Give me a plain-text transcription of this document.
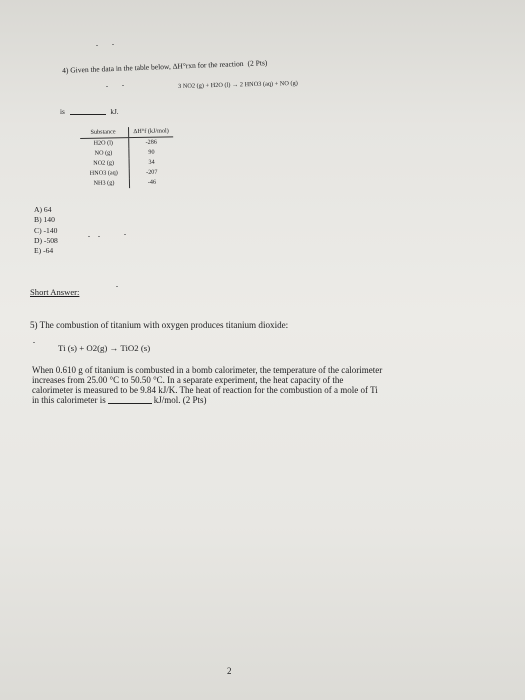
4) Given the data in the table below, ΔH°rxn for the reaction (2 Pts)
3 NO2 (g) + H2O (l) → 2 HNO3 (aq) + NO (g)
is	kJ.
Substance	ΔH°f (kJ/mol)
H2O (l)	-286
NO (g)	90
NO2 (g)	34
HNO3 (aq)	-207
NH3 (g)	-46
A) 64
B) 140
C) -140
D) -508
E) -64
Short Answer:
5) The combustion of titanium with oxygen produces titanium dioxide:
Ti (s) + O2(g) → TiO2 (s)
When 0.610 g of titanium is combusted in a bomb calorimeter, the temperature of the calorimeter
increases from 25.00 °C to 50.50 °C. In a separate experiment, the heat capacity of the
calorimeter is measured to be 9.84 kJ/K. The heat of reaction for the combustion of a mole of Ti
in this calorimeter is	kJ/mol. (2 Pts)
2
